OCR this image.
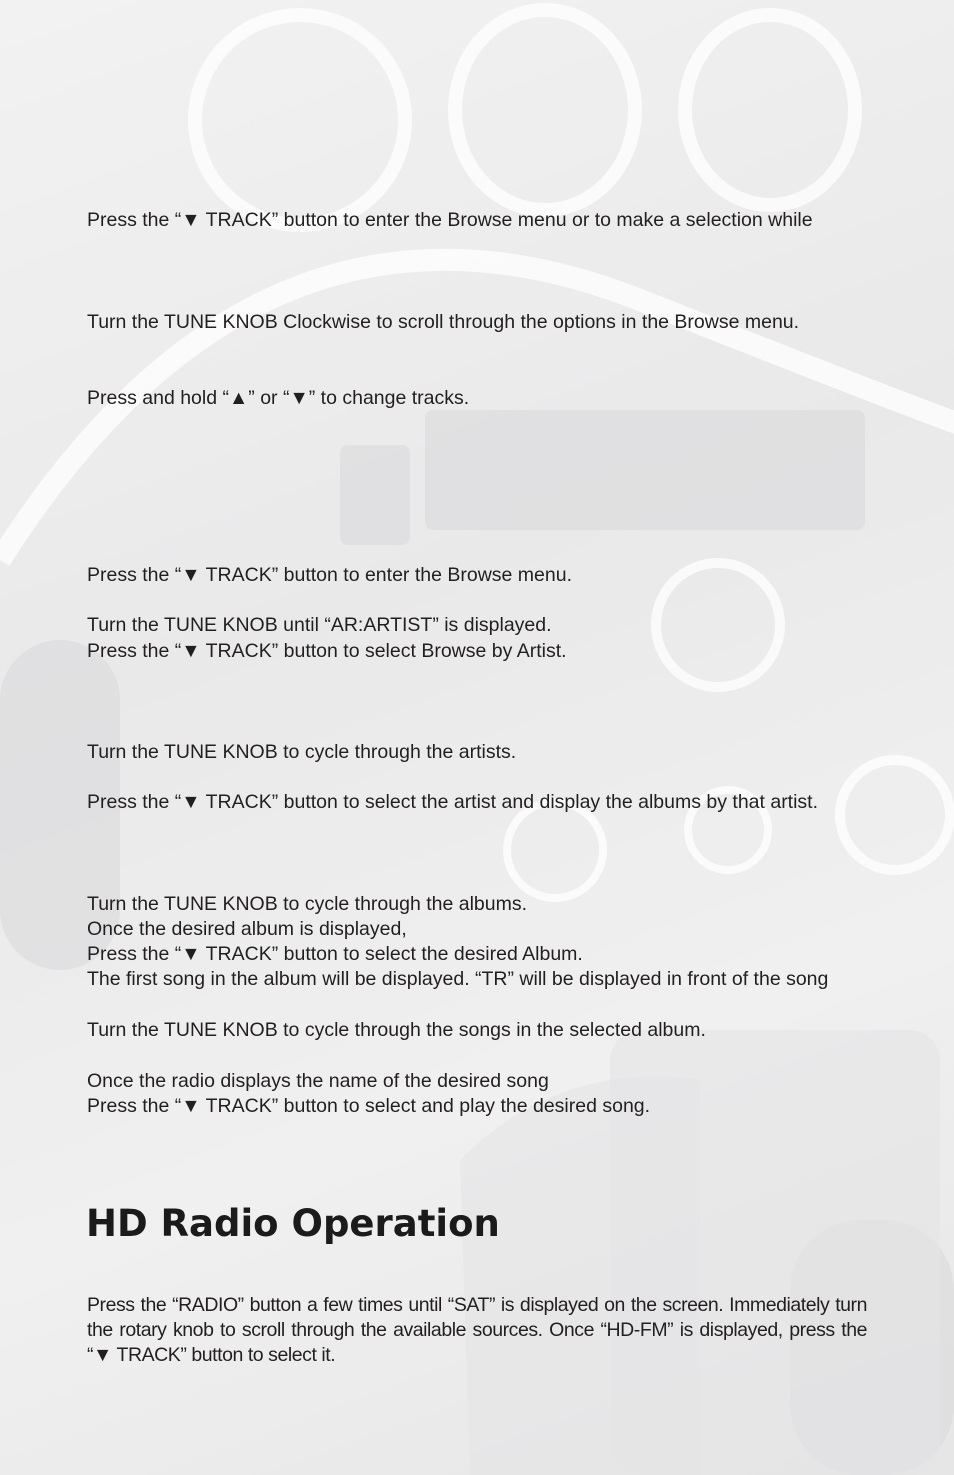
Press the “▼ TRACK” button to enter the Browse menu or to make a selection while

Turn the TUNE KNOB Clockwise to scroll through the options in the Browse menu.

Press and hold “▲” or “▼” to change tracks.

Press the “▼ TRACK” button to enter the Browse menu.

Turn the TUNE KNOB until “AR:ARTIST” is displayed.

Press the “▼ TRACK” button to select Browse by Artist.

Turn the TUNE KNOB to cycle through the artists.

Press the “▼ TRACK” button to select the artist and display the albums by that artist.

Turn the TUNE KNOB to cycle through the albums.

Once the desired album is displayed,

Press the “▼ TRACK” button to select the desired Album.

The first song in the album will be displayed. “TR” will be displayed in front of the song

Turn the TUNE KNOB to cycle through the songs in the selected album.

Once the radio displays the name of the desired song

Press the “▼ TRACK” button to select and play the desired song.

HD Radio Operation

Press the “RADIO” button a few times until “SAT” is displayed on the screen. Immediately turn the rotary knob to scroll through the available sources. Once “HD-FM” is displayed, press the “▼ TRACK” button to select it.
